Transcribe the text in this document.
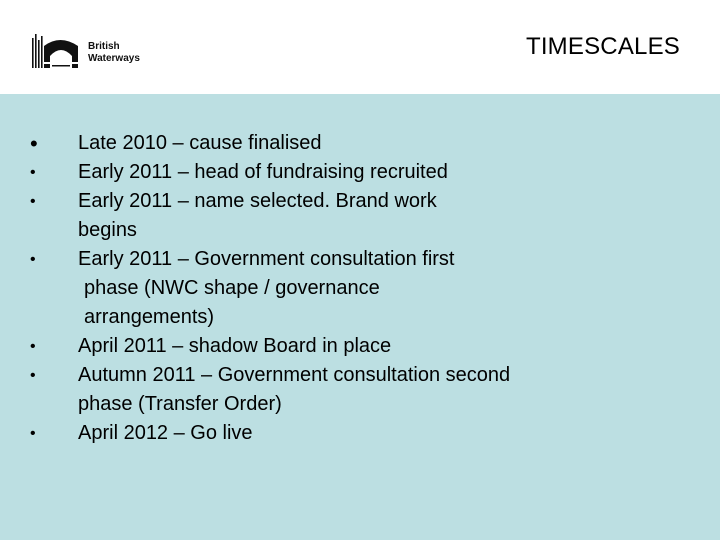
British
Waterways	TIMESCALES
•	Late 2010 – cause finalised
•	Early 2011 – head of fundraising recruited
•	Early 2011 – name selected. Brand work
begins
•	Early 2011 – Government consultation first
phase (NWC shape / governance
arrangements)
•	April 2011 – shadow Board in place
•	Autumn 2011 – Government consultation second
phase (Transfer Order)
•	April 2012 – Go live
